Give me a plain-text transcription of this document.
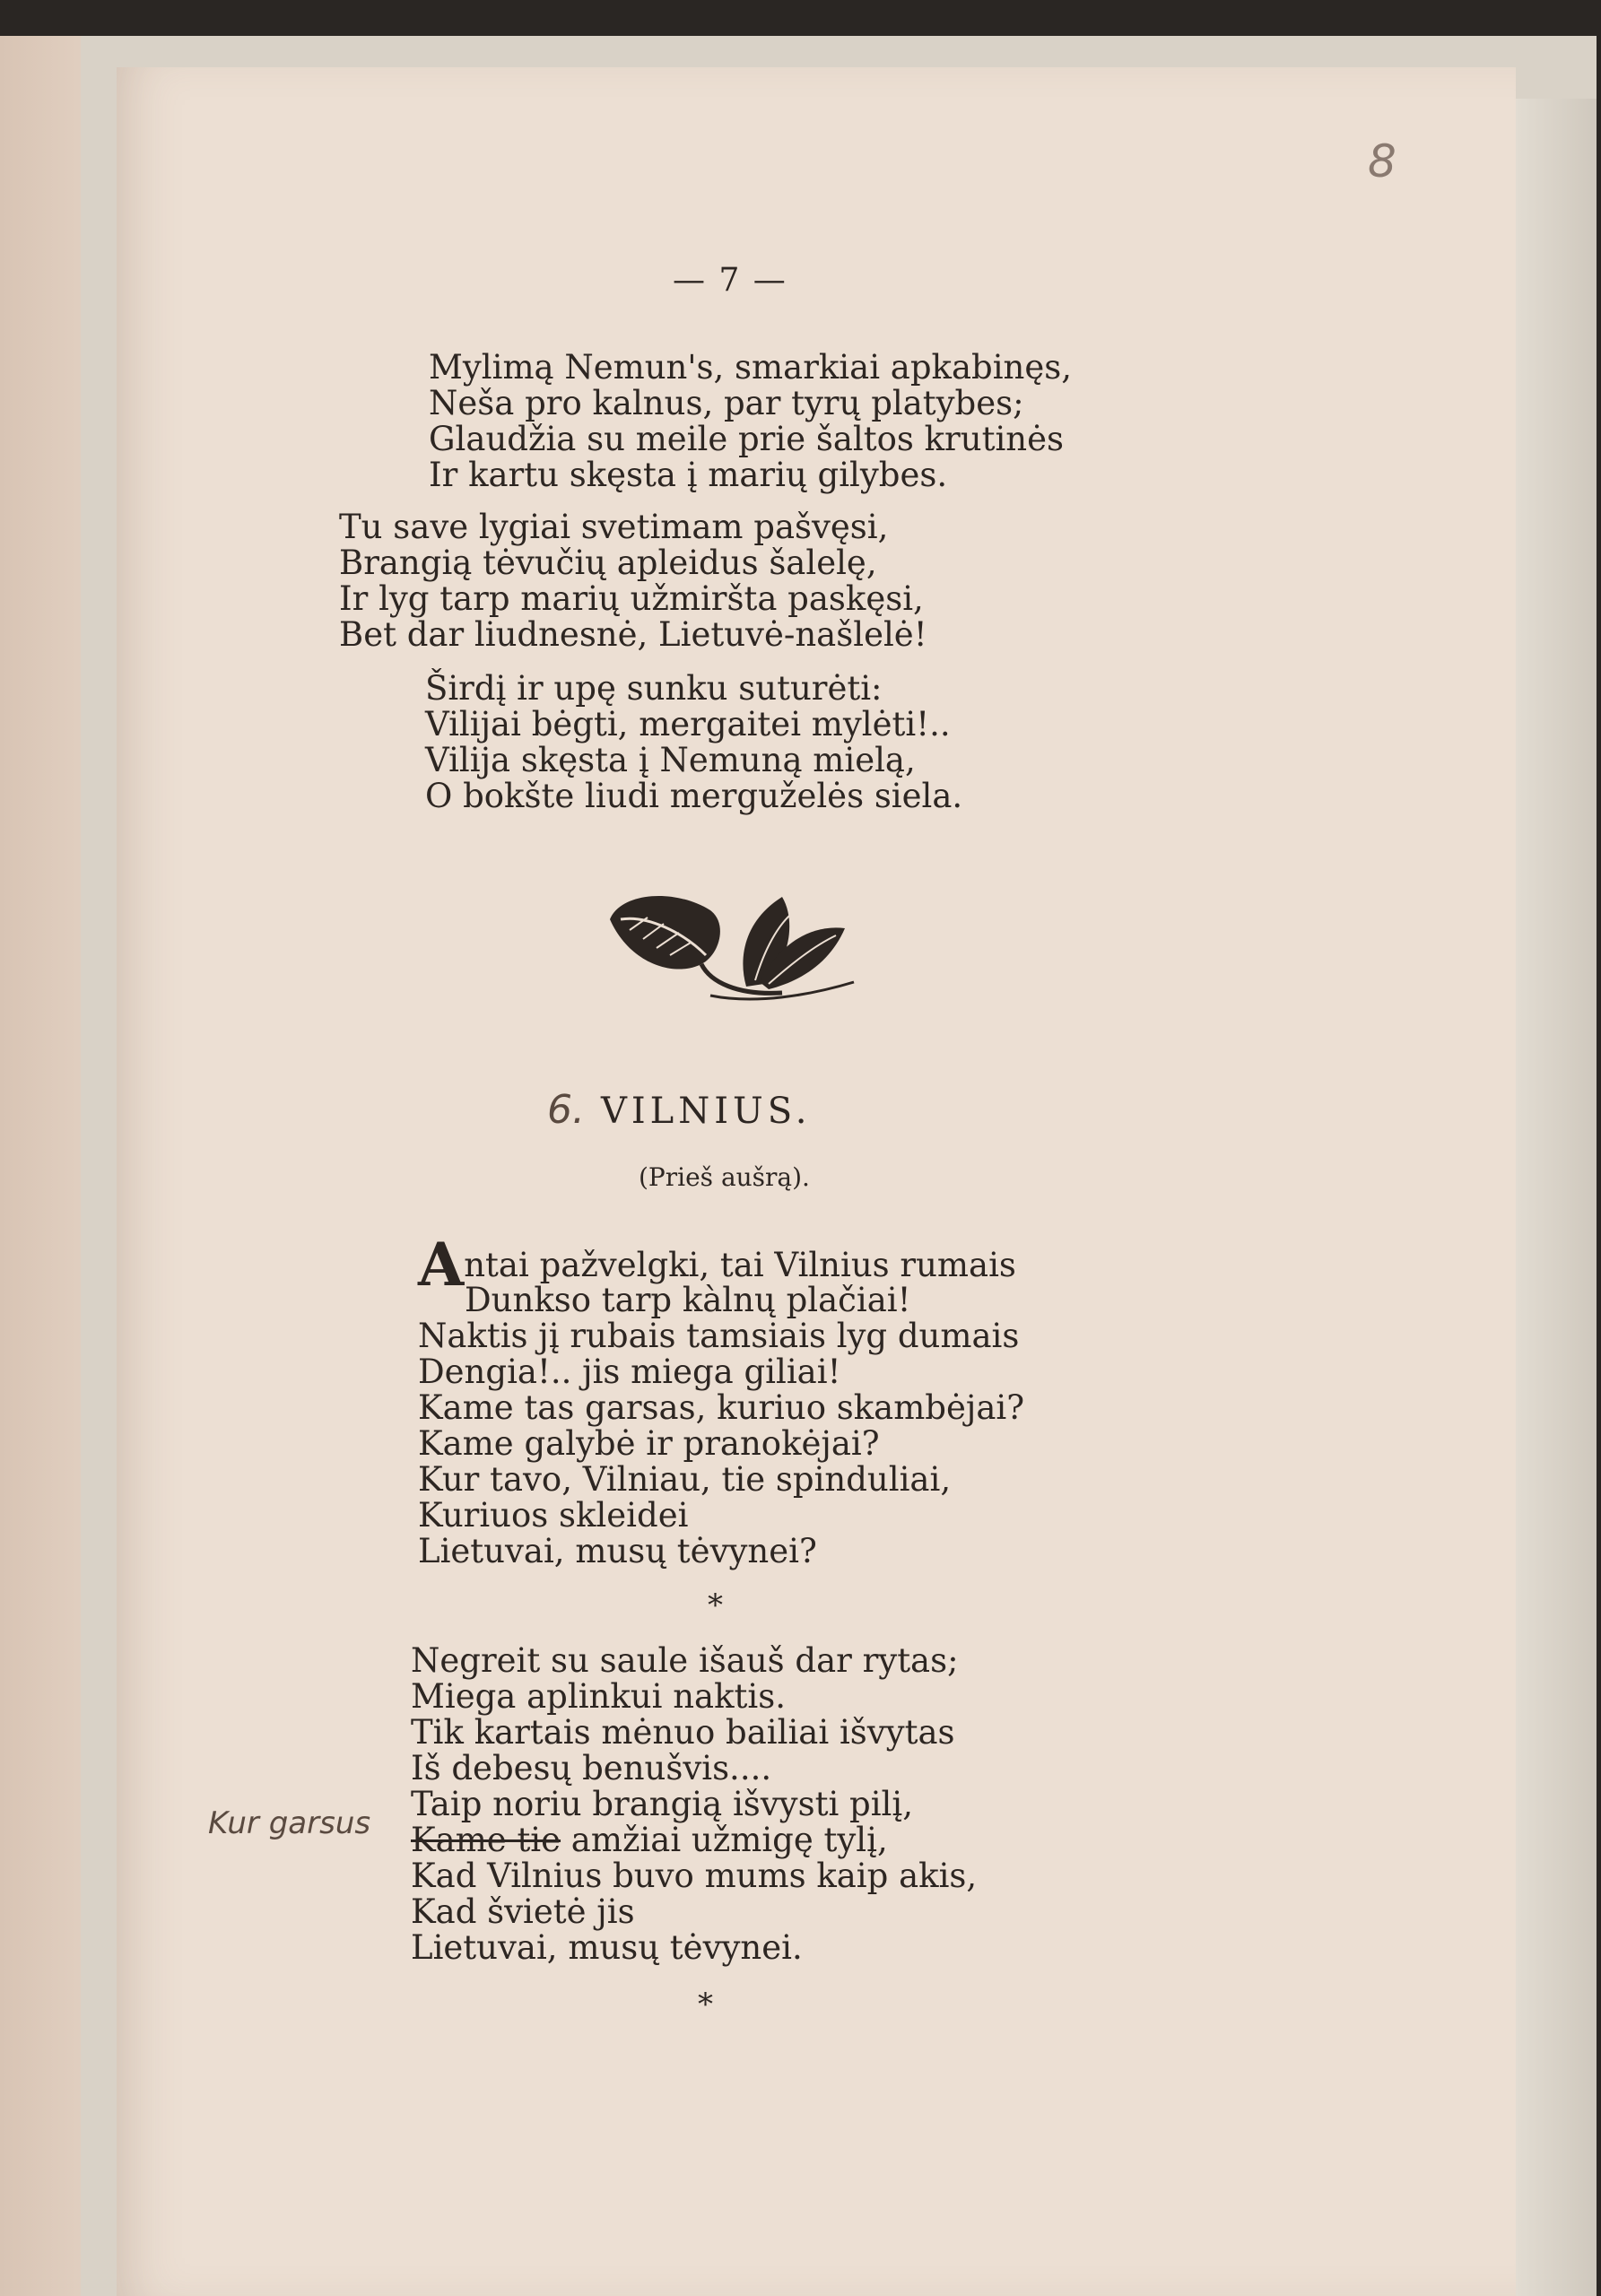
8
— 7 —
Mylimą Nemun's, smarkiai apkabinęs,
Neša pro kalnus, par tyrų platybes;
Glaudžia su meile prie šaltos krutinės
Ir kartu skęsta į marių gilybes.
Tu save lygiai svetimam pašvęsi,
Brangią tėvučių apleidus šalelę,
Ir lyg tarp marių užmiršta paskęsi,
Bet dar liudnesnė, Lietuvė-našlelė!
Širdį ir upę sunku suturėti:
Vilijai bėgti, mergaitei mylėti!..
Vilija skęsta į Nemuną mielą,
O bokšte liudi merguželės siela.
6. VILNIUS.
(Prieš aušrą).
Antai pažvelgki, tai Vilnius rumais
Dunkso tarp kàlnų plačiai!
Naktis jį rubais tamsiais lyg dumais
Dengia!.. jis miega giliai!
Kame tas garsas, kuriuo skambėjai?
Kame galybė ir pranokėjai?
Kur tavo, Vilniau, tie spinduliai,
Kuriuos skleidei
Lietuvai, musų tėvynei?
*
Negreit su saule išauš dar rytas;
Miega aplinkui naktis.
Tik kartais mėnuo bailiai išvytas
Iš debesų benušvis....
Taip noriu brangią išvysti pilį,
Kame tie amžiai užmigę tylį,
Kad Vilnius buvo mums kaip akis,
Kad švietė jis
Lietuvai, musų tėvynei.
*
Kur garsus
